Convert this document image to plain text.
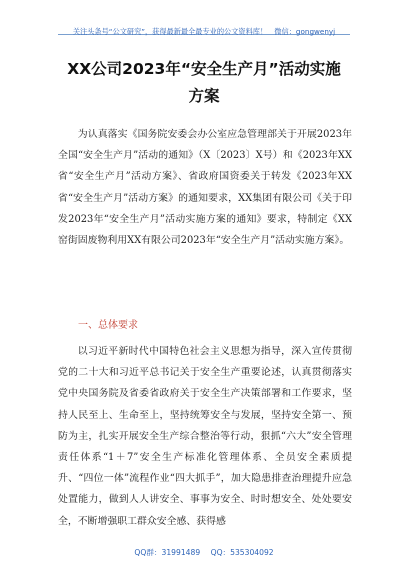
关注头条号“公文研究”，获得最新最全最专业的公文资料库！　微信：gongwenyj
XX公司2023年“安全生产月”活动实施方案

为认真落实《国务院安委会办公室应急管理部关于开展2023年全国“安全生产月”活动的通知》（X〔2023〕X号）和《2023年XX省“安全生产月”活动方案》、省政府国资委关于转发《2023年XX省“安全生产月”活动方案》的通知要求，XX集团有限公司《关于印发2023年“安全生产月”活动实施方案的通知》要求，特制定《XX窑街固废物利用XX有限公司2023年“安全生产月”活动实施方案》。

一、总体要求

以习近平新时代中国特色社会主义思想为指导，深入宣传贯彻党的二十大和习近平总书记关于安全生产重要论述，认真贯彻落实党中央国务院及省委省政府关于安全生产决策部署和工作要求，坚持人民至上、生命至上，坚持统筹安全与发展，坚持安全第一、预防为主，扎实开展安全生产综合整治等行动，狠抓“六大”安全管理责任体系“1＋7”安全生产标准化管理体系、全员安全素质提升、“四位一体”流程作业“四大抓手”，加大隐患排查治理提升应急处置能力，做到人人讲安全、事事为安全、时时想安全、处处要安全，不断增强职工群众安全感、获得感

QQ群：31991489 QQ：535304092
